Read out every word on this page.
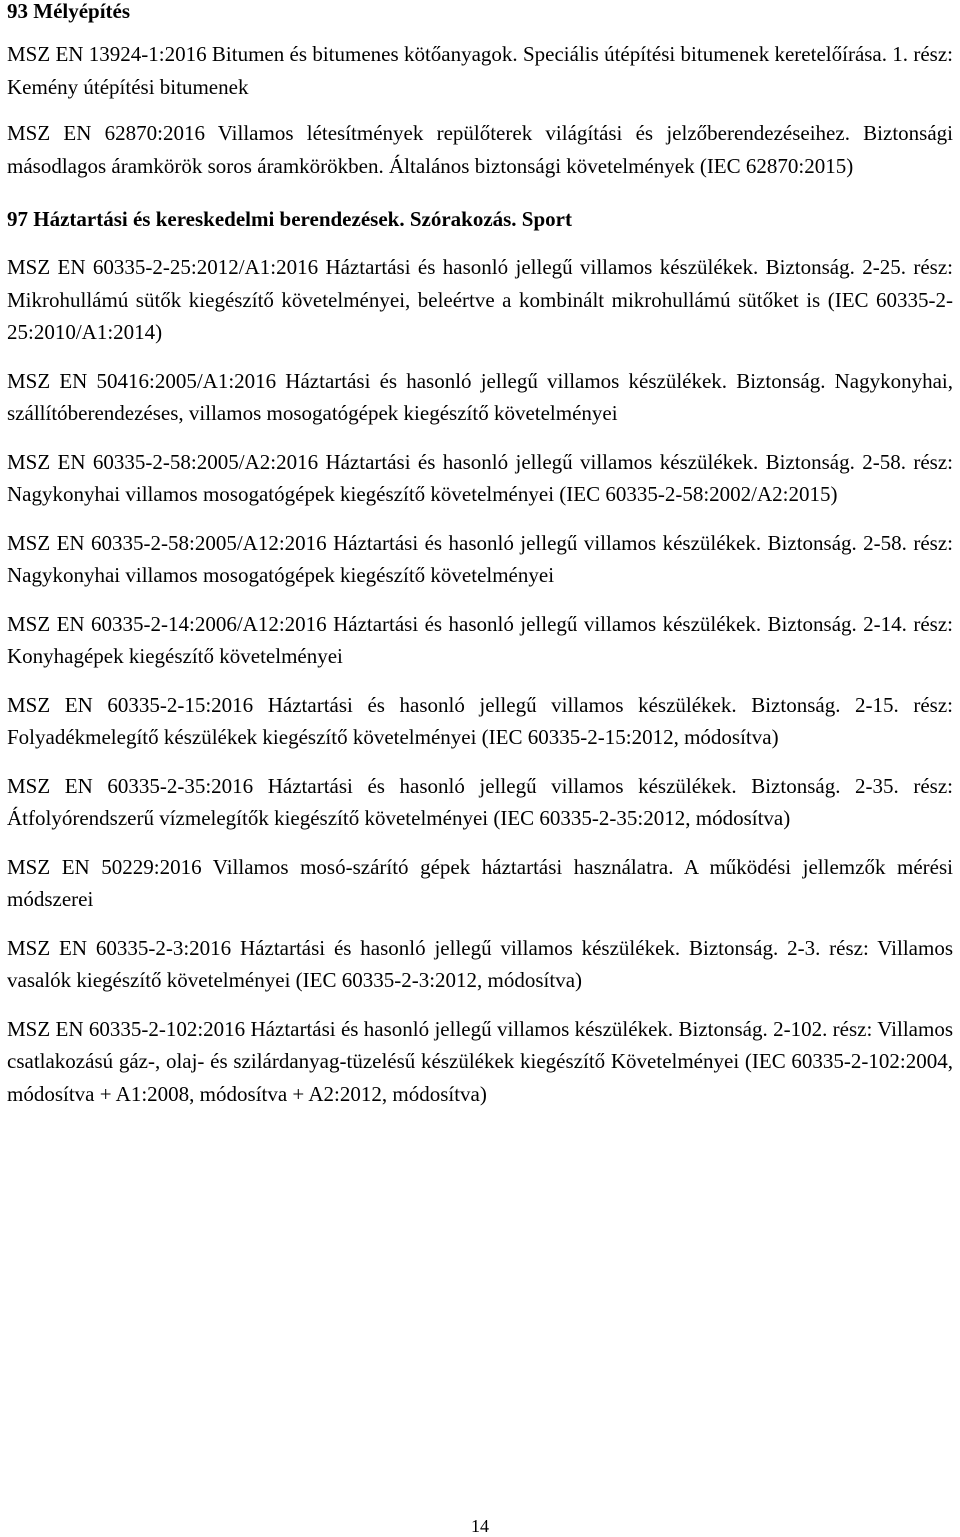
93 Mélyépítés

MSZ EN 13924-1:2016 Bitumen és bitumenes kötőanyagok. Speciális útépítési bitumenek keretelőírása. 1. rész: Kemény útépítési bitumenek

MSZ EN 62870:2016 Villamos létesítmények repülőterek világítási és jelzőberendezéseihez. Biztonsági másodlagos áramkörök soros áramkörökben. Általános biztonsági követelmények (IEC 62870:2015)

97 Háztartási és kereskedelmi berendezések. Szórakozás. Sport

MSZ EN 60335-2-25:2012/A1:2016 Háztartási és hasonló jellegű villamos készülékek. Biztonság. 2-25. rész: Mikrohullámú sütők kiegészítő követelményei, beleértve a kombinált mikrohullámú sütőket is (IEC 60335-2-25:2010/A1:2014)

MSZ EN 50416:2005/A1:2016 Háztartási és hasonló jellegű villamos készülékek. Biztonság. Nagykonyhai, szállítóberendezéses, villamos mosogatógépek kiegészítő követelményei

MSZ EN 60335-2-58:2005/A2:2016 Háztartási és hasonló jellegű villamos készülékek. Biztonság. 2-58. rész: Nagykonyhai villamos mosogatógépek kiegészítő követelményei (IEC 60335-2-58:2002/A2:2015)

MSZ EN 60335-2-58:2005/A12:2016 Háztartási és hasonló jellegű villamos készülékek. Biztonság. 2-58. rész: Nagykonyhai villamos mosogatógépek kiegészítő követelményei

MSZ EN 60335-2-14:2006/A12:2016 Háztartási és hasonló jellegű villamos készülékek. Biztonság. 2-14. rész: Konyhagépek kiegészítő követelményei

MSZ EN 60335-2-15:2016 Háztartási és hasonló jellegű villamos készülékek. Biztonság. 2-15. rész: Folyadékmelegítő készülékek kiegészítő követelményei (IEC 60335-2-15:2012, módosítva)

MSZ EN 60335-2-35:2016 Háztartási és hasonló jellegű villamos készülékek. Biztonság. 2-35. rész: Átfolyórendszerű vízmelegítők kiegészítő követelményei (IEC 60335-2-35:2012, módosítva)

MSZ EN 50229:2016 Villamos mosó-szárító gépek háztartási használatra. A működési jellemzők mérési módszerei

MSZ EN 60335-2-3:2016 Háztartási és hasonló jellegű villamos készülékek. Biztonság. 2-3. rész: Villamos vasalók kiegészítő követelményei (IEC 60335-2-3:2012, módosítva)

MSZ EN 60335-2-102:2016 Háztartási és hasonló jellegű villamos készülékek. Biztonság. 2-102. rész: Villamos csatlakozású gáz-, olaj- és szilárdanyag-tüzelésű készülékek kiegészítő Követelményei (IEC 60335-2-102:2004, módosítva + A1:2008, módosítva + A2:2012, módosítva)

14
